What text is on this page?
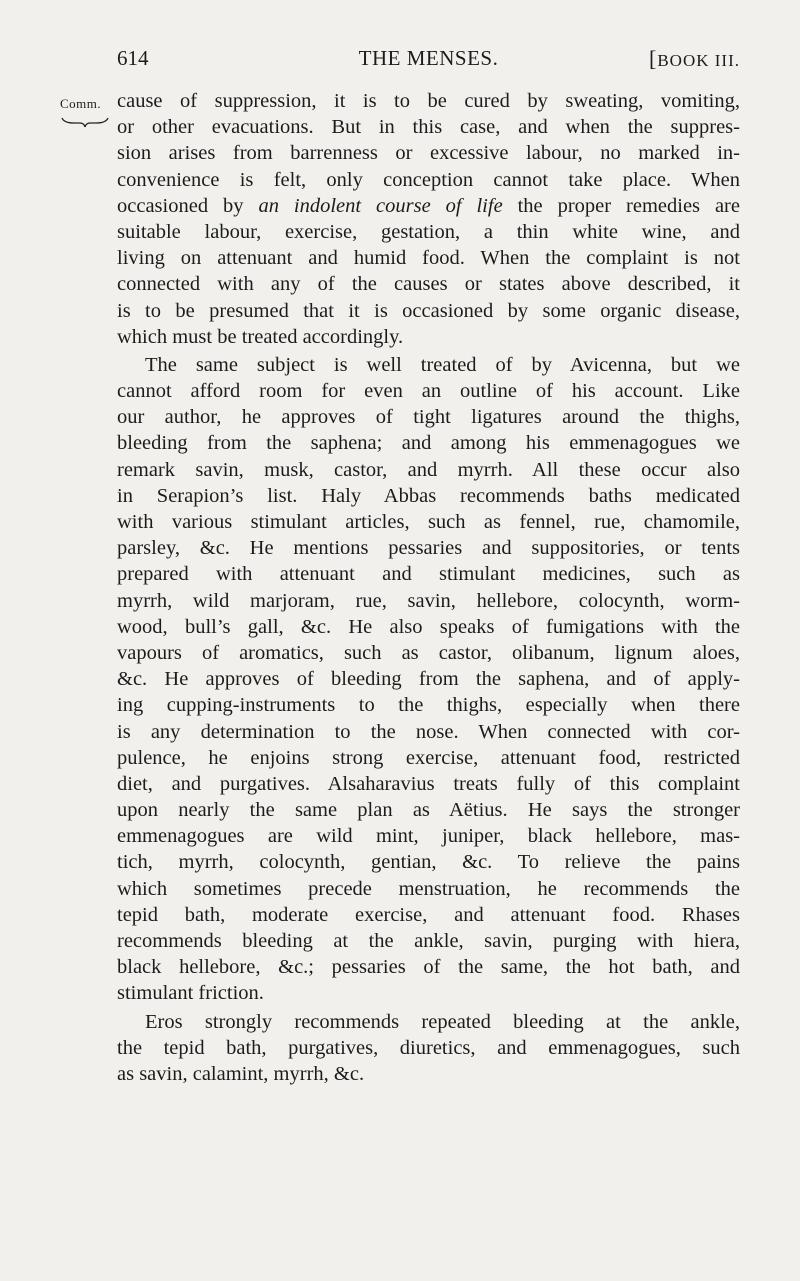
614	THE MENSES.	[BOOK III.
Comm. cause of suppression, it is to be cured by sweating, vomiting,
or other evacuations. But in this case, and when the suppres-
sion arises from barrenness or excessive labour, no marked in-
convenience is felt, only conception cannot take place. When
occasioned by an indolent course of life the proper remedies are
suitable labour, exercise, gestation, a thin white wine, and
living on attenuant and humid food. When the complaint is not
connected with any of the causes or states above described, it
is to be presumed that it is occasioned by some organic disease,
which must be treated accordingly.
The same subject is well treated of by Avicenna, but we
cannot afford room for even an outline of his account. Like
our author, he approves of tight ligatures around the thighs,
bleeding from the saphena; and among his emmenagogues we
remark savin, musk, castor, and myrrh. All these occur also
in Serapion’s list. Haly Abbas recommends baths medicated
with various stimulant articles, such as fennel, rue, chamomile,
parsley, &c. He mentions pessaries and suppositories, or tents
prepared with attenuant and stimulant medicines, such as
myrrh, wild marjoram, rue, savin, hellebore, colocynth, worm-
wood, bull’s gall, &c. He also speaks of fumigations with the
vapours of aromatics, such as castor, olibanum, lignum aloes,
&c. He approves of bleeding from the saphena, and of apply-
ing cupping-instruments to the thighs, especially when there
is any determination to the nose. When connected with cor-
pulence, he enjoins strong exercise, attenuant food, restricted
diet, and purgatives. Alsaharavius treats fully of this complaint
upon nearly the same plan as Aëtius. He says the stronger
emmenagogues are wild mint, juniper, black hellebore, mas-
tich, myrrh, colocynth, gentian, &c. To relieve the pains
which sometimes precede menstruation, he recommends the
tepid bath, moderate exercise, and attenuant food. Rhases
recommends bleeding at the ankle, savin, purging with hiera,
black hellebore, &c.; pessaries of the same, the hot bath, and
stimulant friction.
Eros strongly recommends repeated bleeding at the ankle,
the tepid bath, purgatives, diuretics, and emmenagogues, such
as savin, calamint, myrrh, &c.
